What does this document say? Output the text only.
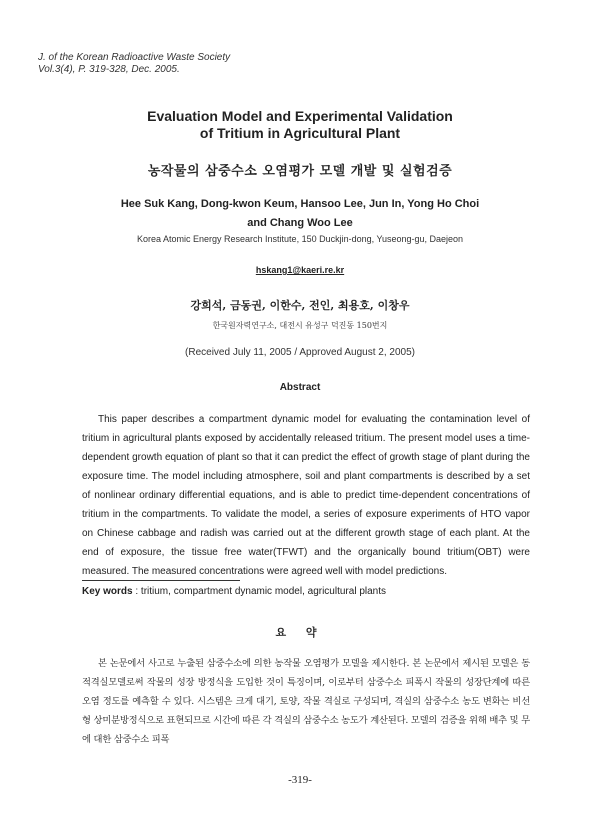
J. of the Korean Radioactive Waste Society
Vol.3(4), P. 319-328, Dec. 2005.
Evaluation Model and Experimental Validation
of Tritium in Agricultural Plant
농작물의 삼중수소 오염평가 모델 개발 및 실험검증
Hee Suk Kang, Dong-kwon Keum, Hansoo Lee, Jun In, Yong Ho Choi
and Chang Woo Lee
Korea Atomic Energy Research Institute, 150 Duckjin-dong, Yuseong-gu, Daejeon
hskang1@kaeri.re.kr
강희석, 금동권, 이한수, 전인, 최용호, 이창우
한국원자력연구소, 대전시 유성구 덕진동 150번지
(Received July 11, 2005 / Approved August 2, 2005)
Abstract

This paper describes a compartment dynamic model for evaluating the contamination level of tritium in agricultural plants exposed by accidentally released tritium. The present model uses a time-dependent growth equation of plant so that it can predict the effect of growth stage of plant during the exposure time. The model including atmosphere, soil and plant compartments is described by a set of nonlinear ordinary differential equations, and is able to predict time-dependent concentrations of tritium in the compartments. To validate the model, a series of exposure experiments of HTO vapor on Chinese cabbage and radish was carried out at the different growth stage of each plant. At the end of exposure, the tissue free water(TFWT) and the organically bound tritium(OBT) were measured. The measured concentrations were agreed well with model predictions.

Key words : tritium, compartment dynamic model, agricultural plants
요 약

본 논문에서 사고로 누출된 삼중수소에 의한 농작물 오염평가 모델을 제시한다. 본 논문에서 제시된 모델은 동적격실모델로써 작물의 성장 방정식을 도입한 것이 특징이며, 이로부터 삼중수소 피폭시 작물의 성장단계에 따른 오염 정도를 예측할 수 있다. 시스템은 크게 대기, 토양, 작물 격실로 구성되며, 격실의 삼중수소 농도 변화는 비선형 상미분방정식으로 표현되므로 시간에 따른 각 격실의 삼중수소 농도가 계산된다. 모델의 검증을 위해 배추 및 무에 대한 삼중수소 피폭

-319-
